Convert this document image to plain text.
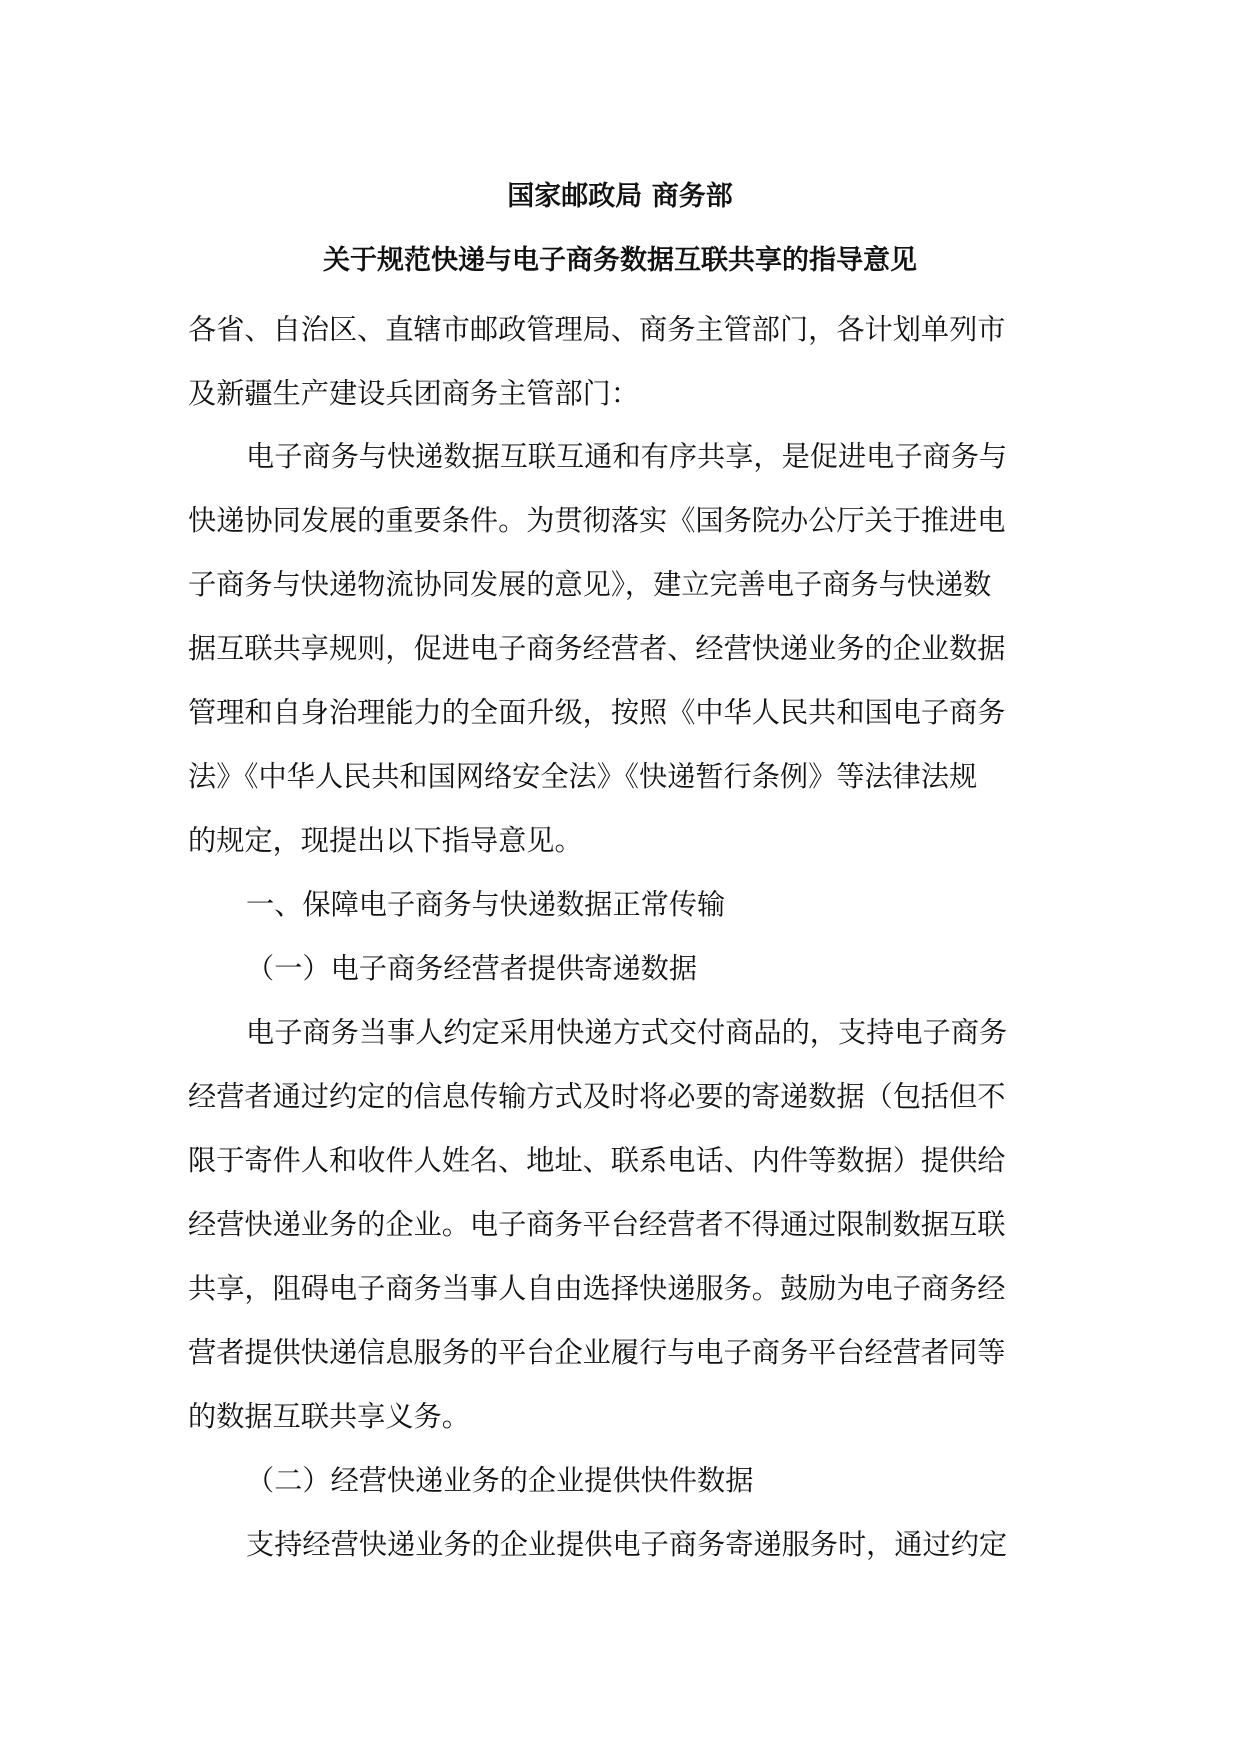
国家邮政局 商务部
关于规范快递与电子商务数据互联共享的指导意见
各省、自治区、直辖市邮政管理局、商务主管部门，各计划单列市
及新疆生产建设兵团商务主管部门：
电子商务与快递数据互联互通和有序共享，是促进电子商务与
快递协同发展的重要条件。为贯彻落实《国务院办公厅关于推进电
子商务与快递物流协同发展的意见》，建立完善电子商务与快递数
据互联共享规则，促进电子商务经营者、经营快递业务的企业数据
管理和自身治理能力的全面升级，按照《中华人民共和国电子商务
法》《中华人民共和国网络安全法》《快递暂行条例》等法律法规
的规定，现提出以下指导意见。
一、保障电子商务与快递数据正常传输
（一）电子商务经营者提供寄递数据
电子商务当事人约定采用快递方式交付商品的，支持电子商务
经营者通过约定的信息传输方式及时将必要的寄递数据（包括但不
限于寄件人和收件人姓名、地址、联系电话、内件等数据）提供给
经营快递业务的企业。电子商务平台经营者不得通过限制数据互联
共享，阻碍电子商务当事人自由选择快递服务。鼓励为电子商务经
营者提供快递信息服务的平台企业履行与电子商务平台经营者同等
的数据互联共享义务。
（二）经营快递业务的企业提供快件数据
支持经营快递业务的企业提供电子商务寄递服务时，通过约定
